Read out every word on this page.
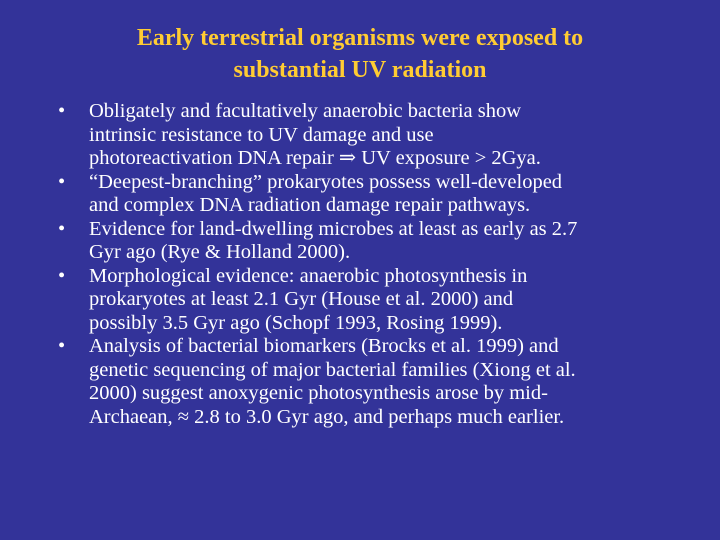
Early terrestrial organisms were exposed to
substantial UV radiation
• Obligately and facultatively anaerobic bacteria show
intrinsic resistance to UV damage and use
photoreactivation DNA repair ⇒ UV exposure > 2Gya.
• “Deepest-branching” prokaryotes possess well-developed
and complex DNA radiation damage repair pathways.
• Evidence for land-dwelling microbes at least as early as 2.7
Gyr ago (Rye & Holland 2000).
• Morphological evidence: anaerobic photosynthesis in
prokaryotes at least 2.1 Gyr (House et al. 2000) and
possibly 3.5 Gyr ago (Schopf 1993, Rosing 1999).
• Analysis of bacterial biomarkers (Brocks et al. 1999) and
genetic sequencing of major bacterial families (Xiong et al.
2000) suggest anoxygenic photosynthesis arose by mid-
Archaean, ≈ 2.8 to 3.0 Gyr ago, and perhaps much earlier.
